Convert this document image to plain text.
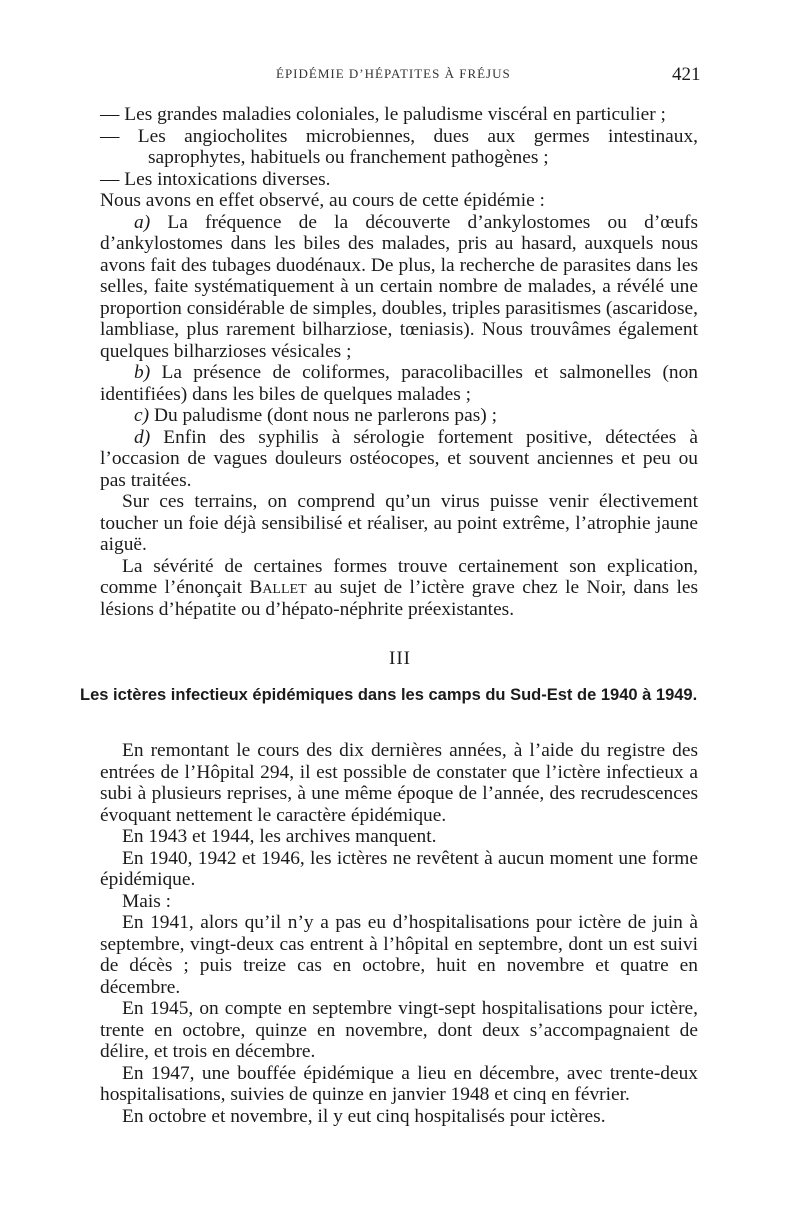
ÉPIDÉMIE D’HÉPATITES À FRÉJUS	421

— Les grandes maladies coloniales, le paludisme viscéral en particulier ;

— Les angiocholites microbiennes, dues aux germes intestinaux, saprophytes, habituels ou franchement pathogènes ;

— Les intoxications diverses.

Nous avons en effet observé, au cours de cette épidémie :

a) La fréquence de la découverte d’ankylostomes ou d’œufs d’ankylostomes dans les biles des malades, pris au hasard, auxquels nous avons fait des tubages duodénaux. De plus, la recherche de parasites dans les selles, faite systématiquement à un certain nombre de malades, a révélé une proportion considérable de simples, doubles, triples parasitismes (ascaridose, lambliase, plus rarement bilharziose, tœniasis). Nous trouvâmes également quelques bilharzioses vésicales ;

b) La présence de coliformes, paracolibacilles et salmonelles (non identifiées) dans les biles de quelques malades ;

c) Du paludisme (dont nous ne parlerons pas) ;

d) Enfin des syphilis à sérologie fortement positive, détectées à l’occasion de vagues douleurs ostéocopes, et souvent anciennes et peu ou pas traitées.

Sur ces terrains, on comprend qu’un virus puisse venir électivement toucher un foie déjà sensibilisé et réaliser, au point extrême, l’atrophie jaune aiguë.

La sévérité de certaines formes trouve certainement son explication, comme l’énonçait Ballet au sujet de l’ictère grave chez le Noir, dans les lésions d’hépatite ou d’hépato-néphrite préexistantes.

III
Les ictères infectieux épidémiques dans les camps du Sud-Est de 1940 à 1949.

En remontant le cours des dix dernières années, à l’aide du registre des entrées de l’Hôpital 294, il est possible de constater que l’ictère infectieux a subi à plusieurs reprises, à une même époque de l’année, des recrudescences évoquant nettement le caractère épidémique.

En 1943 et 1944, les archives manquent.

En 1940, 1942 et 1946, les ictères ne revêtent à aucun moment une forme épidémique.

Mais :

En 1941, alors qu’il n’y a pas eu d’hospitalisations pour ictère de juin à septembre, vingt-deux cas entrent à l’hôpital en septembre, dont un est suivi de décès ; puis treize cas en octobre, huit en novembre et quatre en décembre.

En 1945, on compte en septembre vingt-sept hospitalisations pour ictère, trente en octobre, quinze en novembre, dont deux s’accompagnaient de délire, et trois en décembre.

En 1947, une bouffée épidémique a lieu en décembre, avec trente-deux hospitalisations, suivies de quinze en janvier 1948 et cinq en février.

En octobre et novembre, il y eut cinq hospitalisés pour ictères.
